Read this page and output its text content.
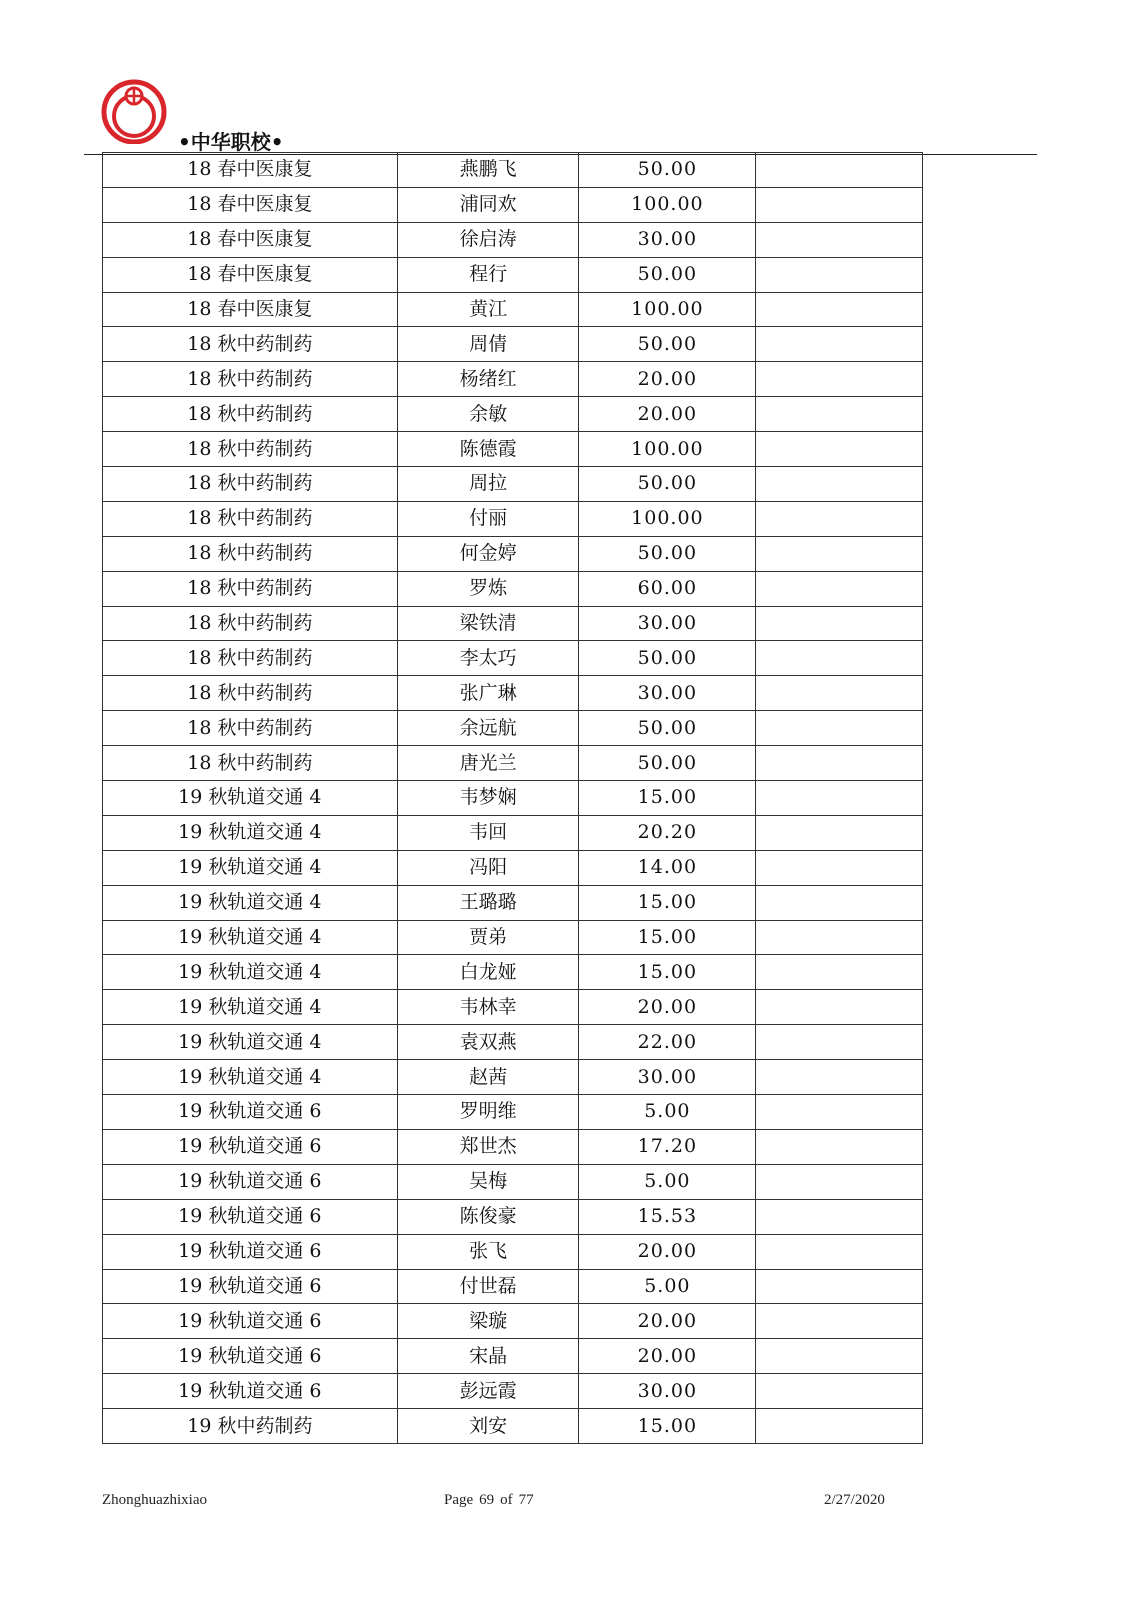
•中华职校•
18 春中医康复	燕鹏飞	50.00	
18 春中医康复	浦同欢	100.00	
18 春中医康复	徐启涛	30.00	
18 春中医康复	程行	50.00	
18 春中医康复	黄江	100.00	
18 秋中药制药	周倩	50.00	
18 秋中药制药	杨绪红	20.00	
18 秋中药制药	余敏	20.00	
18 秋中药制药	陈德霞	100.00	
18 秋中药制药	周拉	50.00	
18 秋中药制药	付丽	100.00	
18 秋中药制药	何金婷	50.00	
18 秋中药制药	罗炼	60.00	
18 秋中药制药	梁铁清	30.00	
18 秋中药制药	李太巧	50.00	
18 秋中药制药	张广琳	30.00	
18 秋中药制药	余远航	50.00	
18 秋中药制药	唐光兰	50.00	
19 秋轨道交通 4	韦梦娴	15.00	
19 秋轨道交通 4	韦回	20.20	
19 秋轨道交通 4	冯阳	14.00	
19 秋轨道交通 4	王璐璐	15.00	
19 秋轨道交通 4	贾弟	15.00	
19 秋轨道交通 4	白龙娅	15.00	
19 秋轨道交通 4	韦林幸	20.00	
19 秋轨道交通 4	袁双燕	22.00	
19 秋轨道交通 4	赵茜	30.00	
19 秋轨道交通 6	罗明维	5.00	
19 秋轨道交通 6	郑世杰	17.20	
19 秋轨道交通 6	吴梅	5.00	
19 秋轨道交通 6	陈俊豪	15.53	
19 秋轨道交通 6	张飞	20.00	
19 秋轨道交通 6	付世磊	5.00	
19 秋轨道交通 6	梁璇	20.00	
19 秋轨道交通 6	宋晶	20.00	
19 秋轨道交通 6	彭远霞	30.00	
19 秋中药制药	刘安	15.00	
Zhonghuazhixiao	Page 69 of 77	2/27/2020
